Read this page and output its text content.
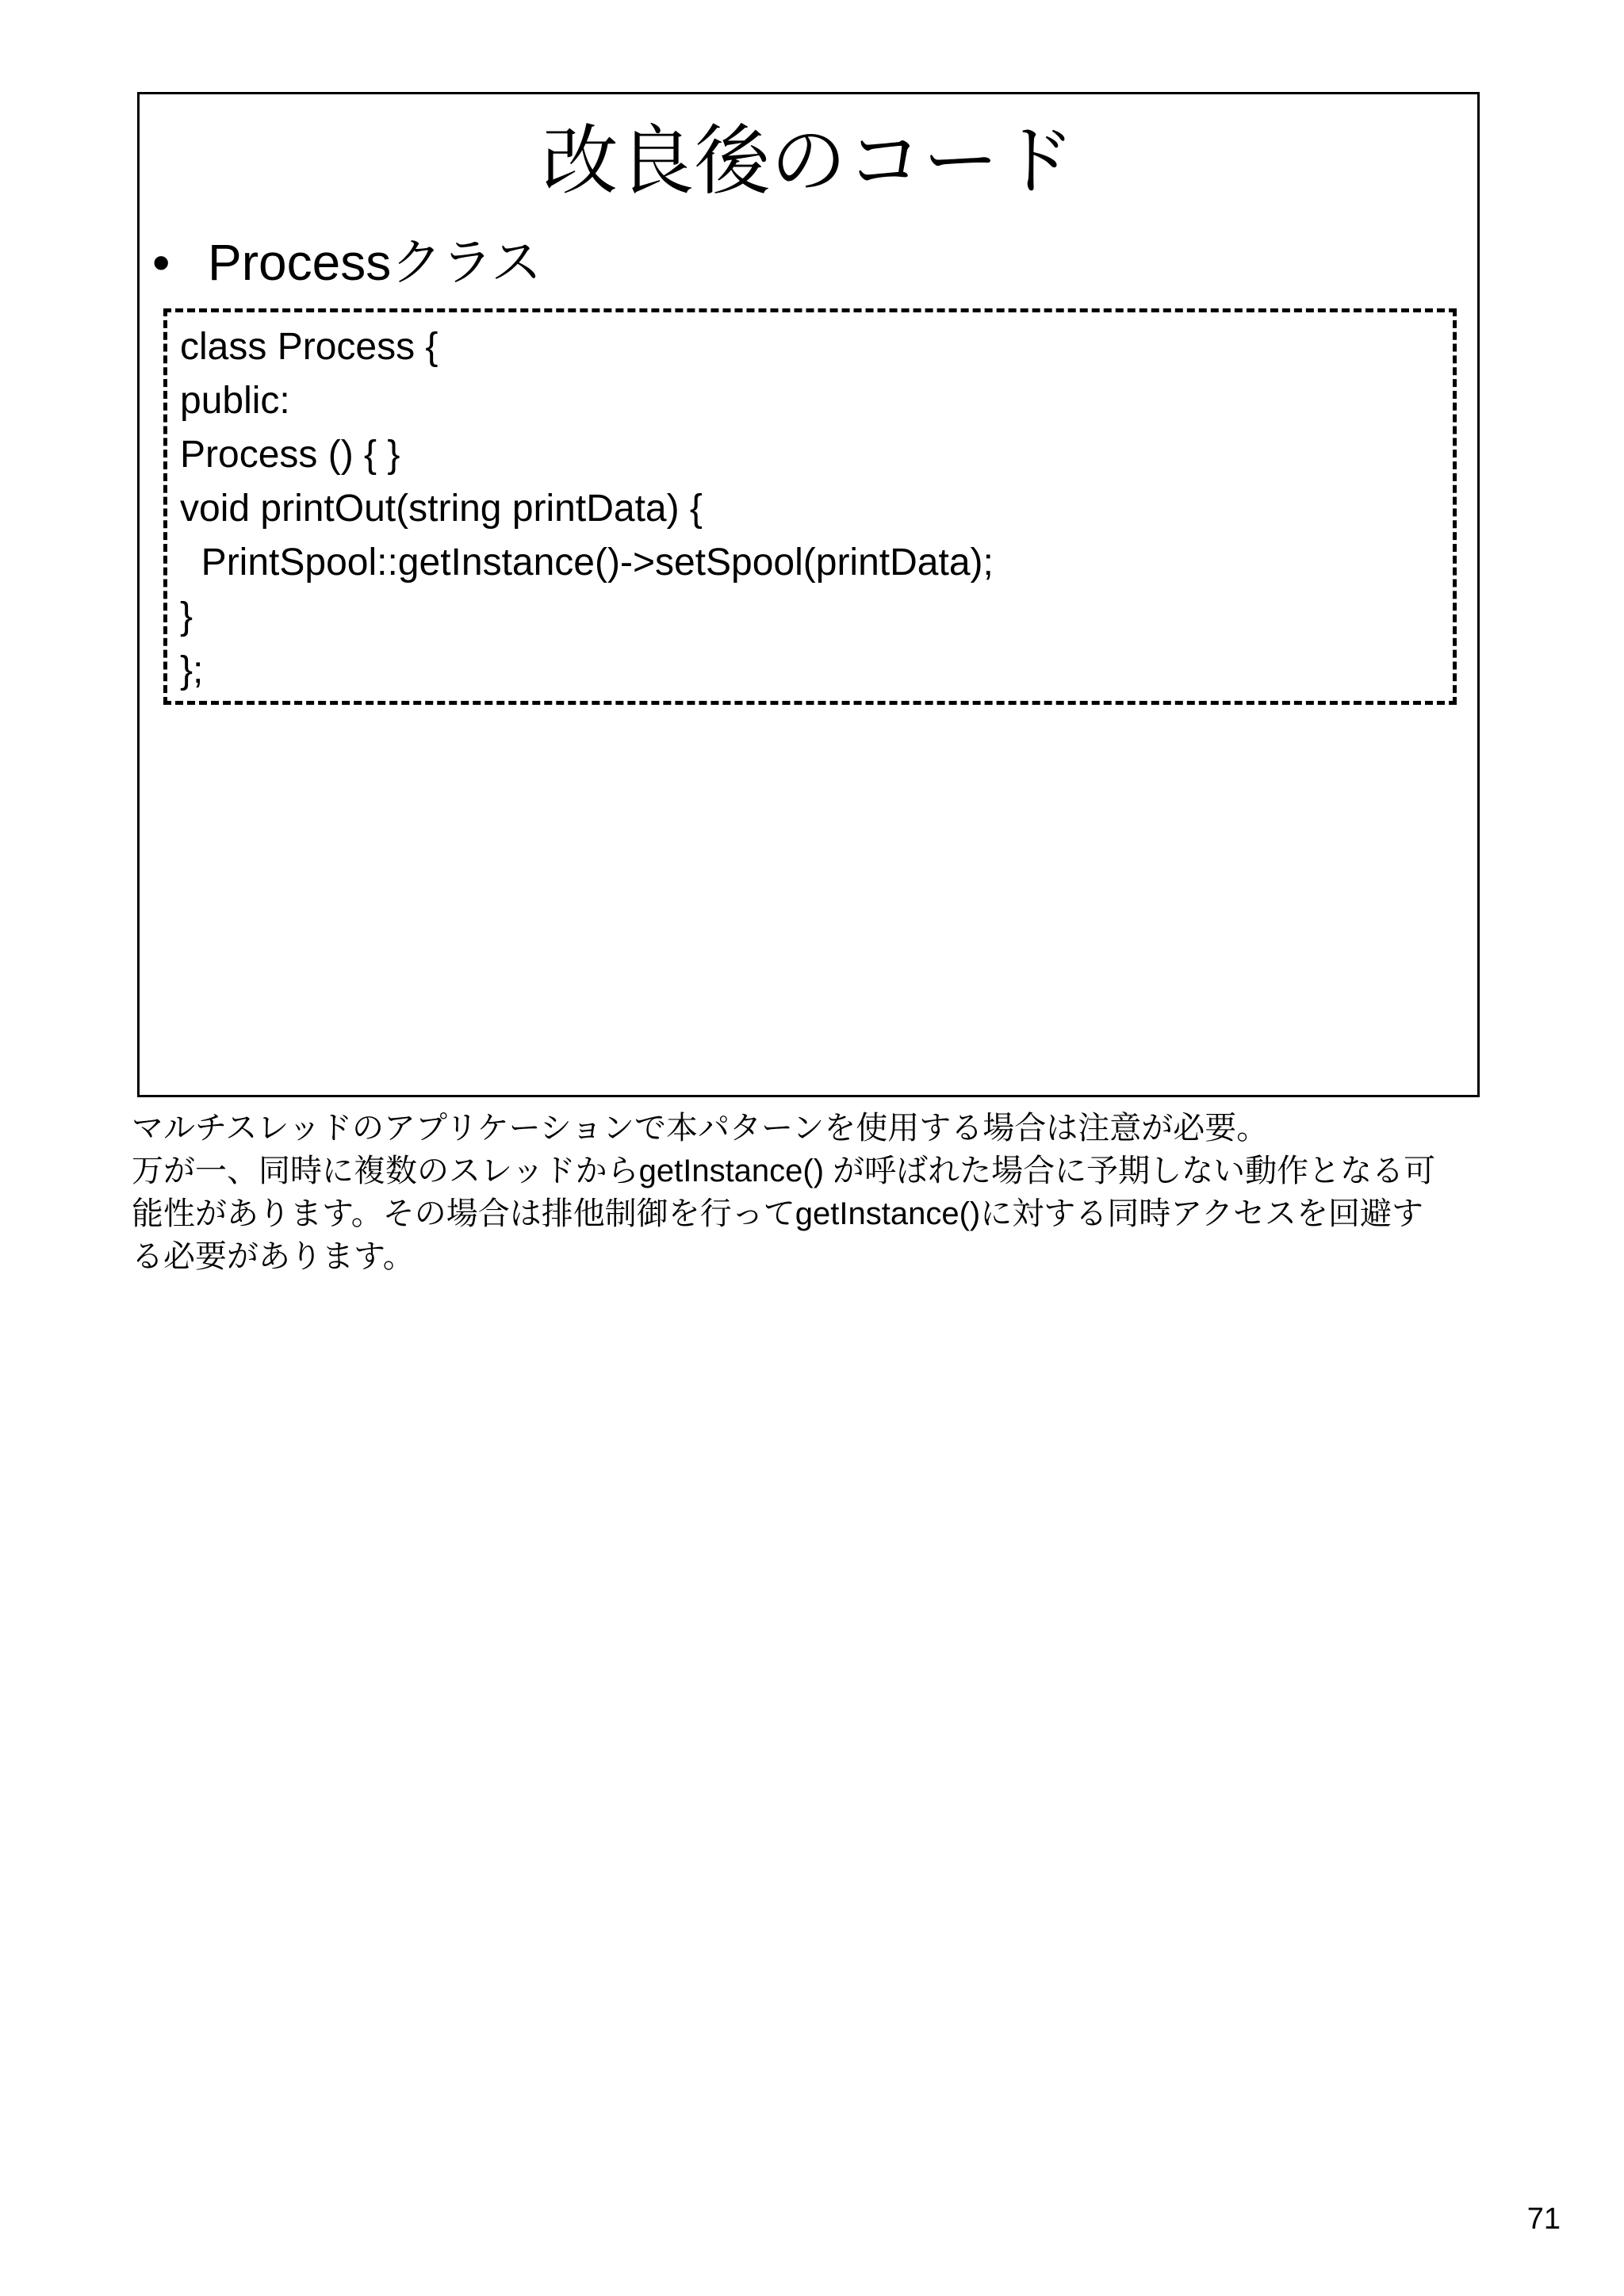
改良後のコード
• Processクラス
class Process {
public:
Process () { }
void printOut(string printData) {
PrintSpool::getInstance()->setSpool(printData);
}
};
マルチスレッドのアプリケーションで本パターンを使用する場合は注意が必要。
万が一、同時に複数のスレッドからgetInstance() が呼ばれた場合に予期しない動作となる可
能性があります。その場合は排他制御を行ってgetInstance()に対する同時アクセスを回避す
る必要があります。
71
